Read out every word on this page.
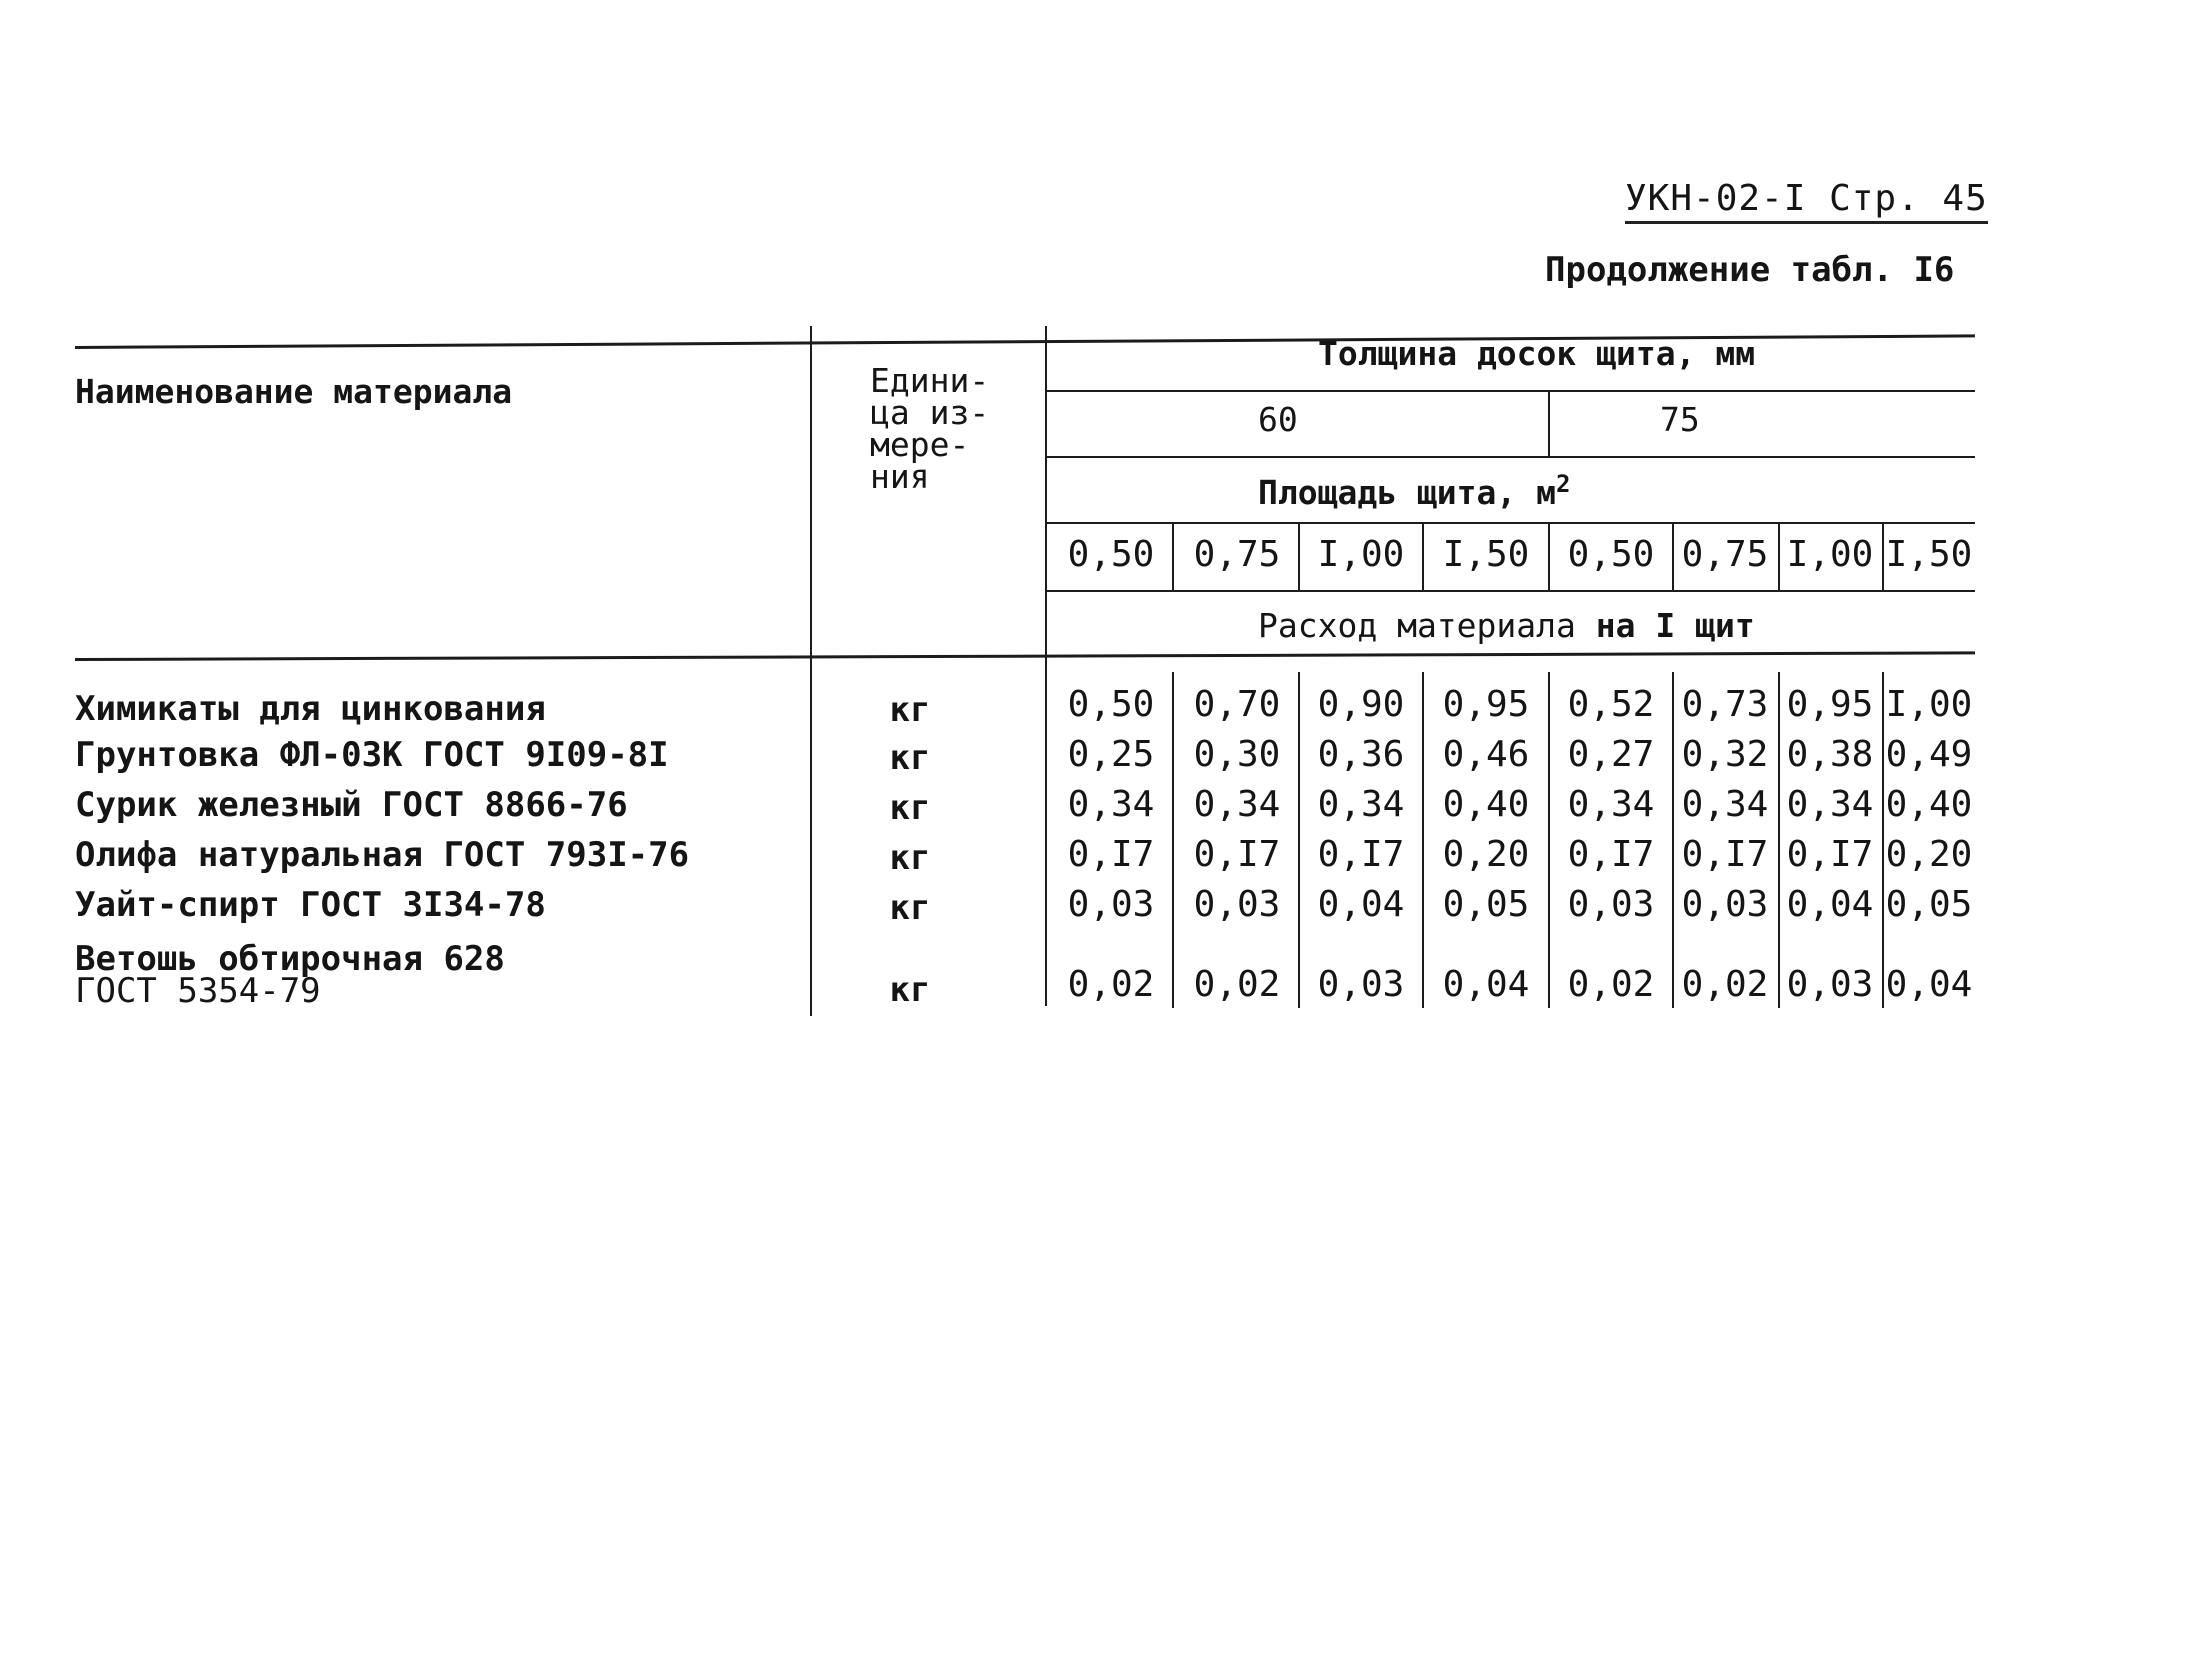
УКН-02-I Стр. 45
Продолжение табл. I6
Наименование материала	Едини-
ца из-
мере-
ния
Толщина досок щита, мм
60	75
Площадь щита, $м^2$
Расход материала на I щит
0,50	0,75	I,00	I,50	0,50 0,75 I,00 I,50
Химикаты для цинкования	кг	0,50	0,70	0,90	0,95	0,52 0,73 0,95 I,00
Грунтовка ФЛ-03К ГОСТ 9I09-8I	кг	0,25	0,30	0,36	0,46	0,27 0,32 0,38 0,49
Сурик железный ГОСТ 8866-76	кг	0,34	0,34	0,34	0,40	0,34 0,34 0,34 0,40
Олифа натуральная ГОСТ 793I-76	кг	0,I7	0,I7	0,I7	0,20	0,I7 0,I7 0,I7 0,20
Уайт-спирт ГОСТ 3I34-78	кг	0,03	0,03	0,04	0,05	0,03 0,03 0,04 0,05
Ветошь обтирочная 628
ГОСТ 5354-79	кг	0,02	0,02	0,03	0,04	0,02 0,02 0,03 0,04
